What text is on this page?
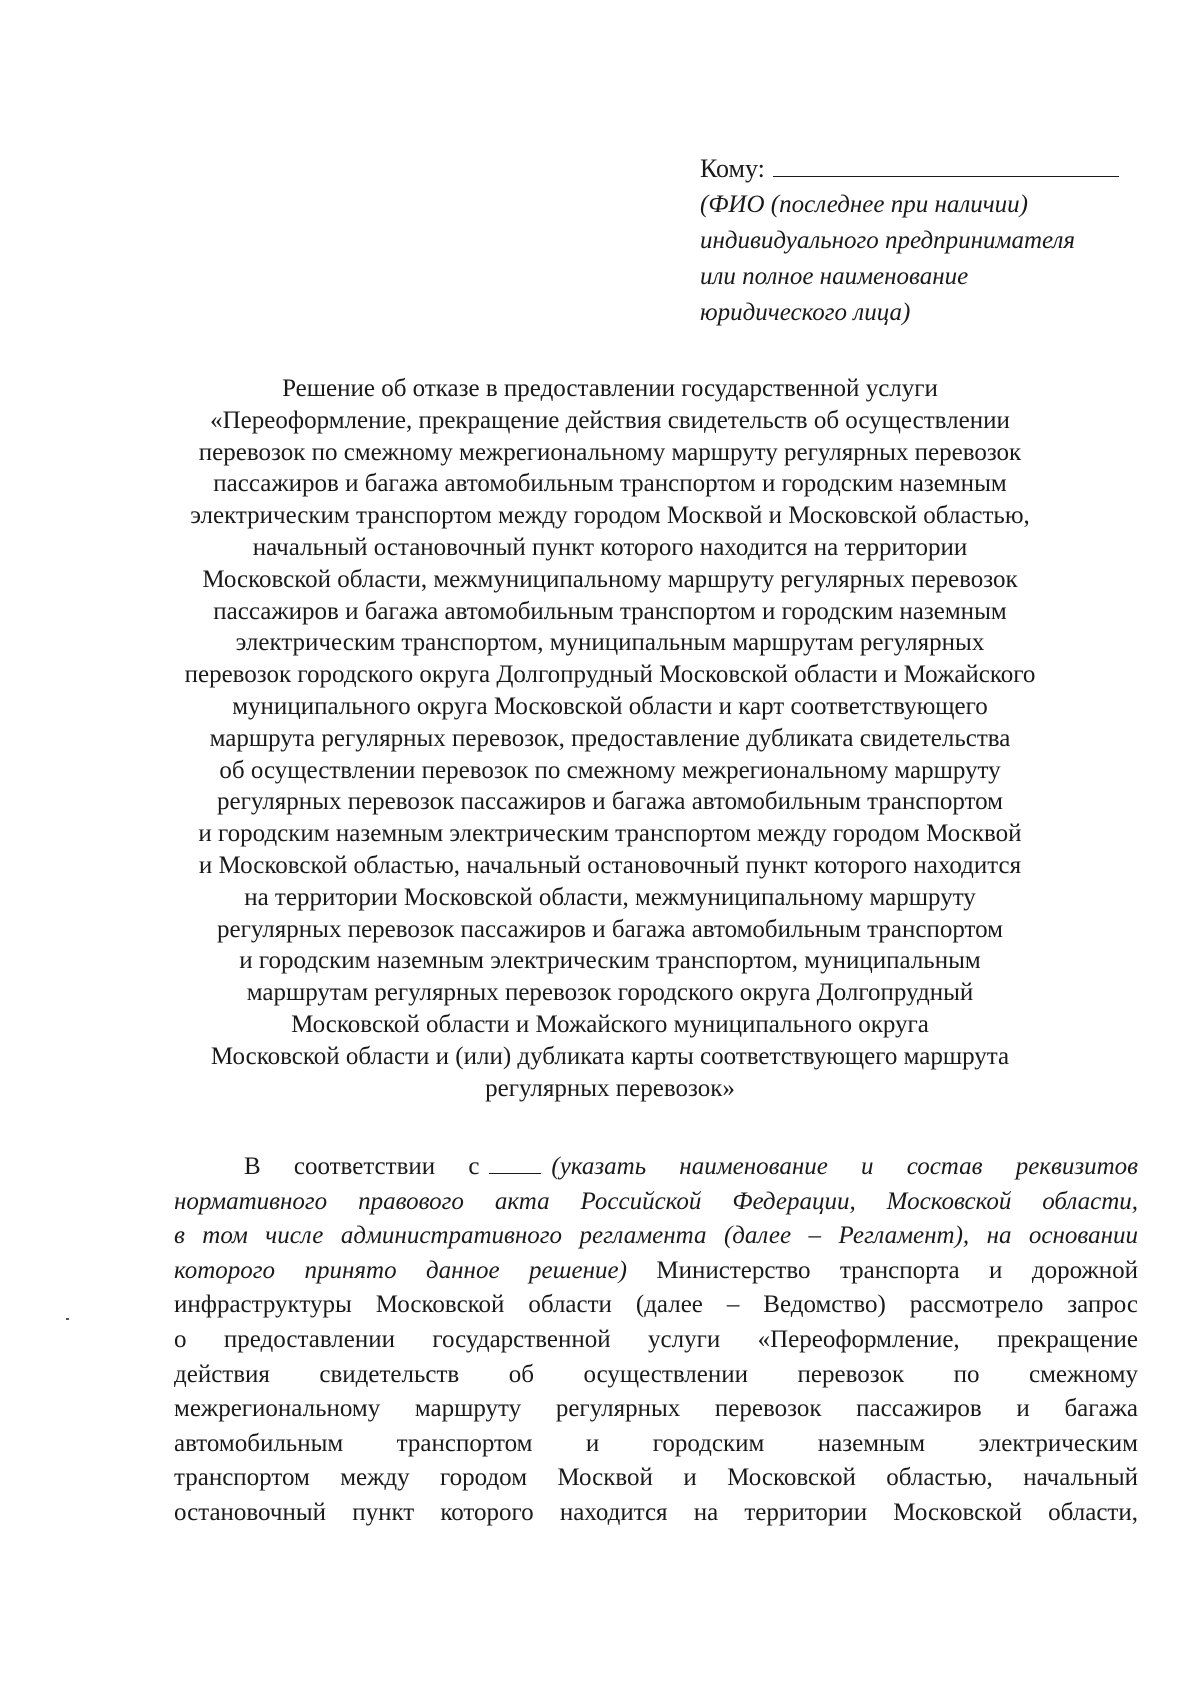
Кому:
(ФИО (последнее при наличии)
индивидуального предпринимателя
или полное наименование
юридического лица)
Решение об отказе в предоставлении государственной услуги
«Переоформление, прекращение действия свидетельств об осуществлении
перевозок по смежному межрегиональному маршруту регулярных перевозок
пассажиров и багажа автомобильным транспортом и городским наземным
электрическим транспортом между городом Москвой и Московской областью,
начальный остановочный пункт которого находится на территории
Московской области, межмуниципальному маршруту регулярных перевозок
пассажиров и багажа автомобильным транспортом и городским наземным
электрическим транспортом, муниципальным маршрутам регулярных
перевозок городского округа Долгопрудный Московской области и Можайского
муниципального округа Московской области и карт соответствующего
маршрута регулярных перевозок, предоставление дубликата свидетельства
об осуществлении перевозок по смежному межрегиональному маршруту
регулярных перевозок пассажиров и багажа автомобильным транспортом
и городским наземным электрическим транспортом между городом Москвой
и Московской областью, начальный остановочный пункт которого находится
на территории Московской области, межмуниципальному маршруту
регулярных перевозок пассажиров и багажа автомобильным транспортом
и городским наземным электрическим транспортом, муниципальным
маршрутам регулярных перевозок городского округа Долгопрудный
Московской области и Можайского муниципального округа
Московской области и (или) дубликата карты соответствующего маршрута
регулярных перевозок»
В соответствии с	(указать наименование и состав реквизитов
нормативного правового акта Российской Федерации, Московской области,
в том числе административного регламента (далее – Регламент), на основании
которого принято данное решение) Министерство транспорта и дорожной
инфраструктуры Московской области (далее – Ведомство) рассмотрело запрос
о предоставлении государственной услуги «Переоформление, прекращение
действия свидетельств об осуществлении перевозок по смежному
межрегиональному маршруту регулярных перевозок пассажиров и багажа
автомобильным транспортом и городским наземным электрическим
транспортом между городом Москвой и Московской областью, начальный
остановочный пункт которого находится на территории Московской области,
